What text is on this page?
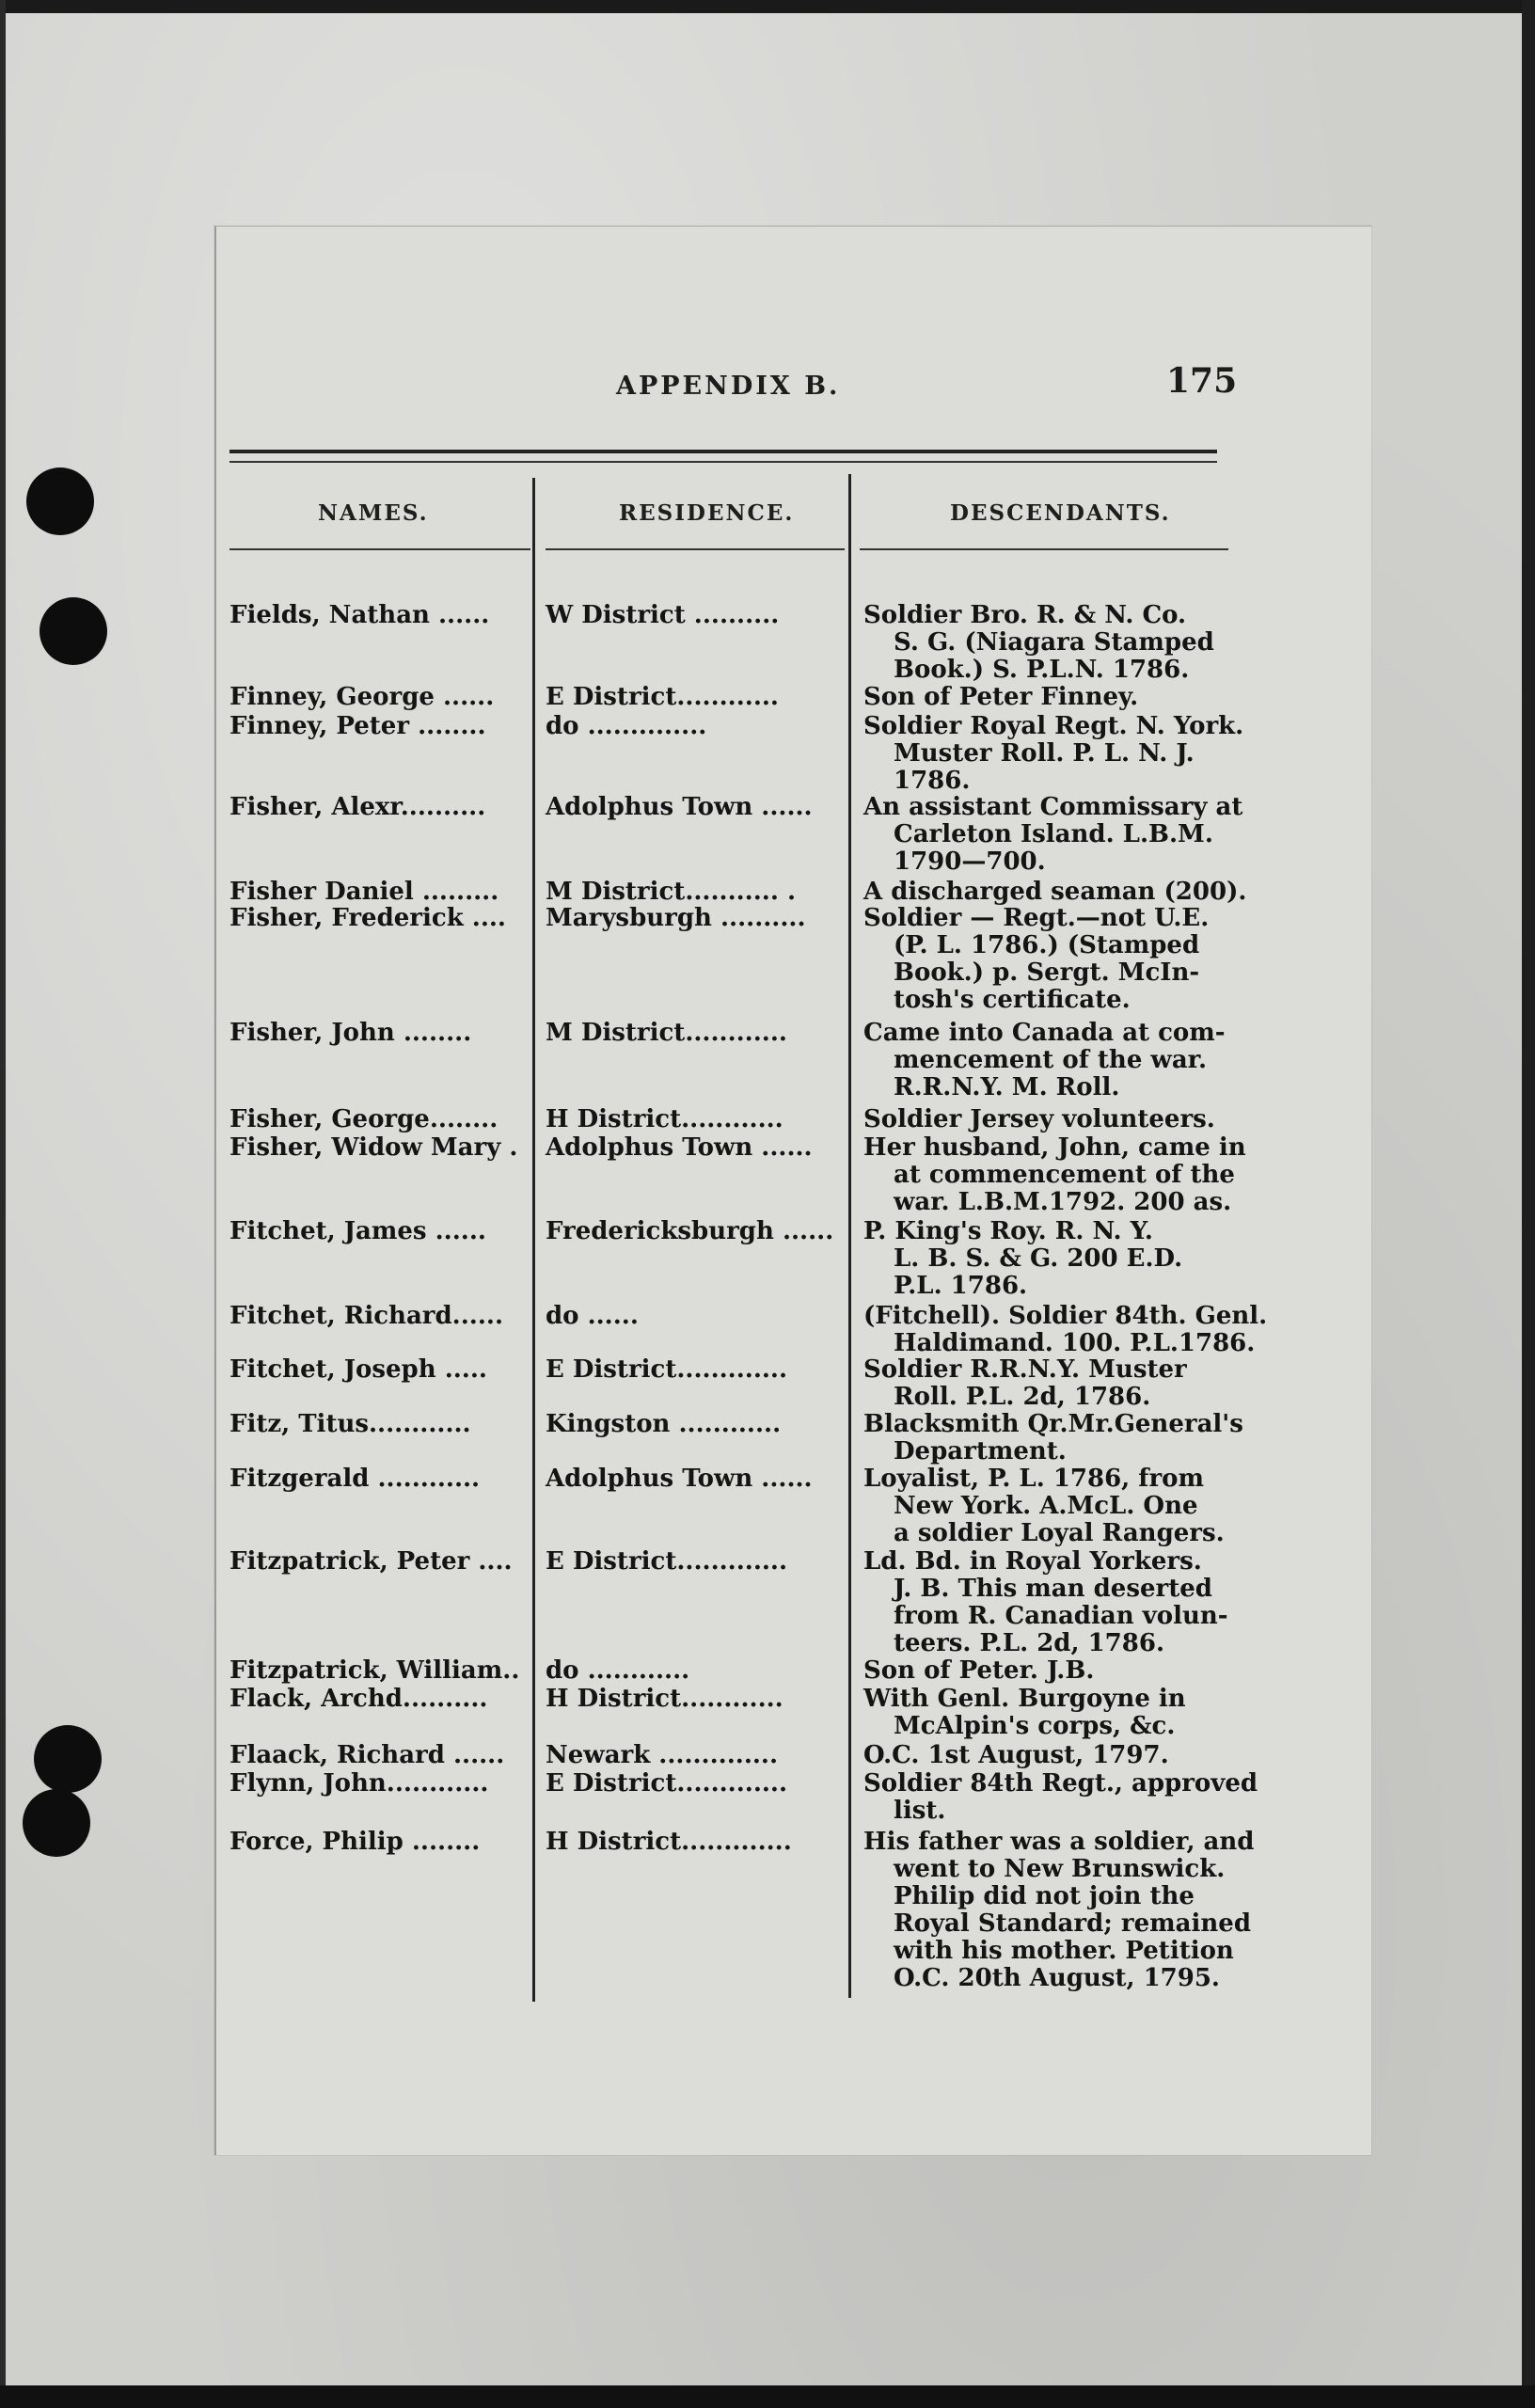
APPENDIX B.	175
NAMES.	RESIDENCE.	DESCENDANTS.
Fields, Nathan ...... W District ..........	Soldier Bro. R. & N. Co.
S. G. (Niagara Stamped
Book.) S. P.L.N. 1786.
Finney, George ...... E District............	Son of Peter Finney.
Finney, Peter ........ do ..............	Soldier Royal Regt. N. York.
Muster Roll. P. L. N. J.
1786.
Fisher, Alexr.......... Adolphus Town ...... An assistant Commissary at
Carleton Island. L.B.M.
1790—700.
Fisher Daniel ......... M District........... .	A discharged seaman (200).
Fisher, Frederick .... Marysburgh .......... Soldier — Regt.—not U.E.
(P. L. 1786.) (Stamped
Book.) p. Sergt. McIn-
tosh's certificate.
Fisher, John ........	M District............	Came into Canada at com-
mencement of the war.
R.R.N.Y. M. Roll.
Fisher, George........ H District............	Soldier Jersey volunteers.
Fisher, Widow Mary . Adolphus Town ...... Her husband, John, came in
at commencement of the
war. L.B.M.1792. 200 as.
Fitchet, James ...... Fredericksburgh ...... P. King's Roy. R. N. Y.
L. B. S. & G. 200 E.D.
P.L. 1786.
Fitchet, Richard...... do ......	(Fitchell). Soldier 84th. Genl.
Haldimand. 100. P.L.1786.
Fitchet, Joseph ..... E District.............	Soldier R.R.N.Y. Muster
Roll. P.L. 2d, 1786.
Fitz, Titus............	Kingston ............	Blacksmith Qr.Mr.General's
Department.
Fitzgerald ............	Adolphus Town ...... Loyalist, P. L. 1786, from
New York. A.McL. One
a soldier Loyal Rangers.
Fitzpatrick, Peter .... E District.............	Ld. Bd. in Royal Yorkers.
J. B. This man deserted
from R. Canadian volun-
teers. P.L. 2d, 1786.
Fitzpatrick, William.. do ............	Son of Peter. J.B.
Flack, Archd.......... H District............	With Genl. Burgoyne in
McAlpin's corps, &c.
Flaack, Richard ...... Newark ..............	O.C. 1st August, 1797.
Flynn, John............ E District.............	Soldier 84th Regt., approved
list.
Force, Philip ........	H District.............	His father was a soldier, and
went to New Brunswick.
Philip did not join the
Royal Standard; remained
with his mother. Petition
O.C. 20th August, 1795.
